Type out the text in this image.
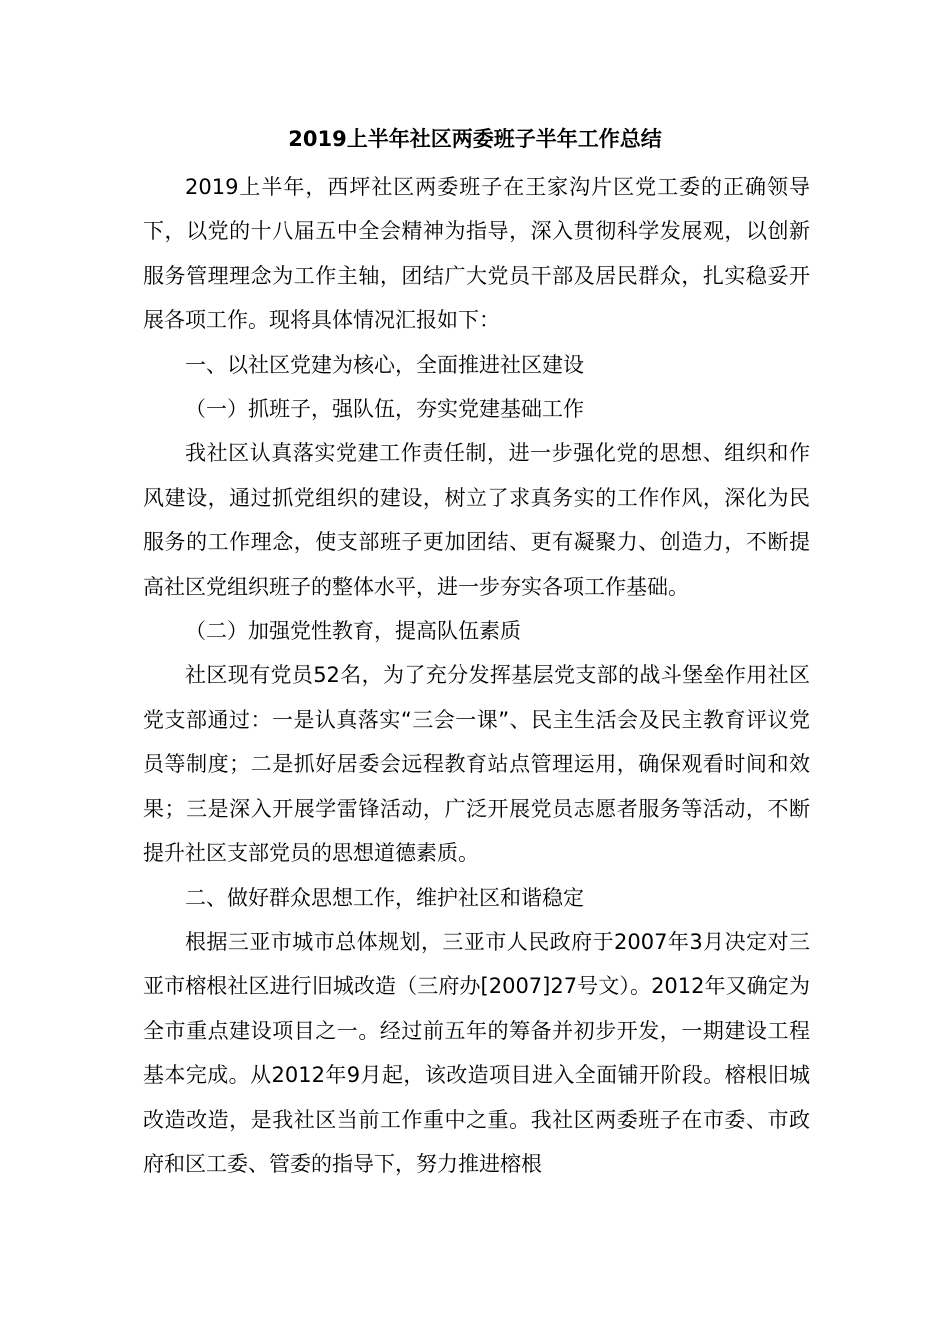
2019上半年社区两委班子半年工作总结

2019上半年，西坪社区两委班子在王家沟片区党工委的正确领导下，以党的十八届五中全会精神为指导，深入贯彻科学发展观，以创新服务管理理念为工作主轴，团结广大党员干部及居民群众，扎实稳妥开展各项工作。现将具体情况汇报如下：

一、以社区党建为核心，全面推进社区建设

（一）抓班子，强队伍，夯实党建基础工作

我社区认真落实党建工作责任制，进一步强化党的思想、组织和作风建设，通过抓党组织的建设，树立了求真务实的工作作风，深化为民服务的工作理念，使支部班子更加团结、更有凝聚力、创造力，不断提高社区党组织班子的整体水平，进一步夯实各项工作基础。

（二）加强党性教育，提高队伍素质

社区现有党员52名，为了充分发挥基层党支部的战斗堡垒作用社区党支部通过：一是认真落实“三会一课”、民主生活会及民主教育评议党员等制度；二是抓好居委会远程教育站点管理运用，确保观看时间和效果；三是深入开展学雷锋活动，广泛开展党员志愿者服务等活动，不断提升社区支部党员的思想道德素质。

二、做好群众思想工作，维护社区和谐稳定

根据三亚市城市总体规划，三亚市人民政府于2007年3月决定对三亚市榕根社区进行旧城改造（三府办[2007]27号文）。2012年又确定为全市重点建设项目之一。经过前五年的筹备并初步开发，一期建设工程基本完成。从2012年9月起，该改造项目进入全面铺开阶段。榕根旧城改造改造，是我社区当前工作重中之重。我社区两委班子在市委、市政府和区工委、管委的指导下，努力推进榕根
